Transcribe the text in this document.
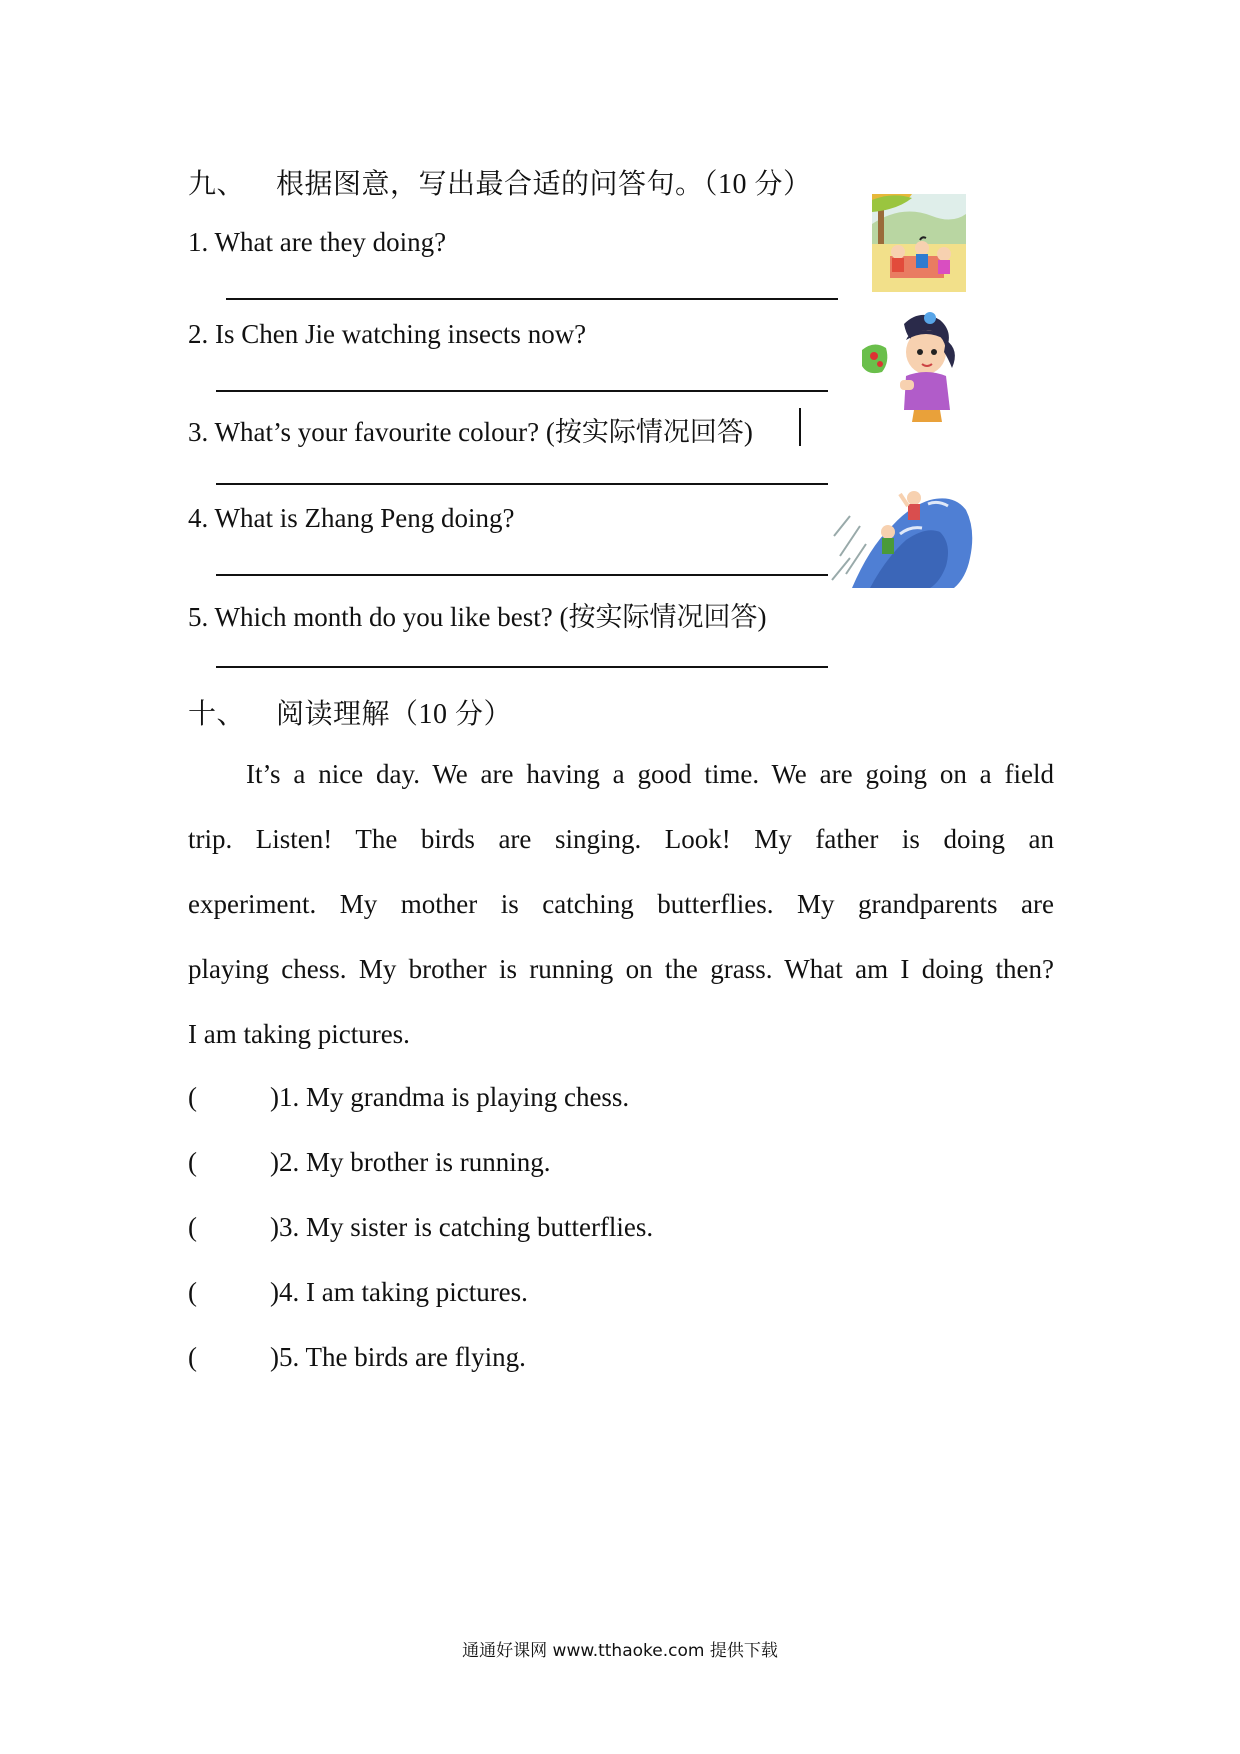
九、 根据图意，写出最合适的问答句。（10 分）
1. What are they doing?
2. Is Chen Jie watching insects now?
3. What’s your favourite colour? (按实际情况回答)
4. What is Zhang Peng doing?
5. Which month do you like best? (按实际情况回答)
十、 阅读理解（10 分）
It’s a nice day. We are having a good time. We are going on a field
trip. Listen! The birds are singing. Look! My father is doing an
experiment. My mother is catching butterflies. My grandparents are
playing chess. My brother is running on the grass. What am I doing then?
I am taking pictures.
(	)1. My grandma is playing chess.
(	)2. My brother is running.
(	)3. My sister is catching butterflies.
(	)4. I am taking pictures.
(	)5. The birds are flying.
通通好课网 www.tthaoke.com 提供下载
